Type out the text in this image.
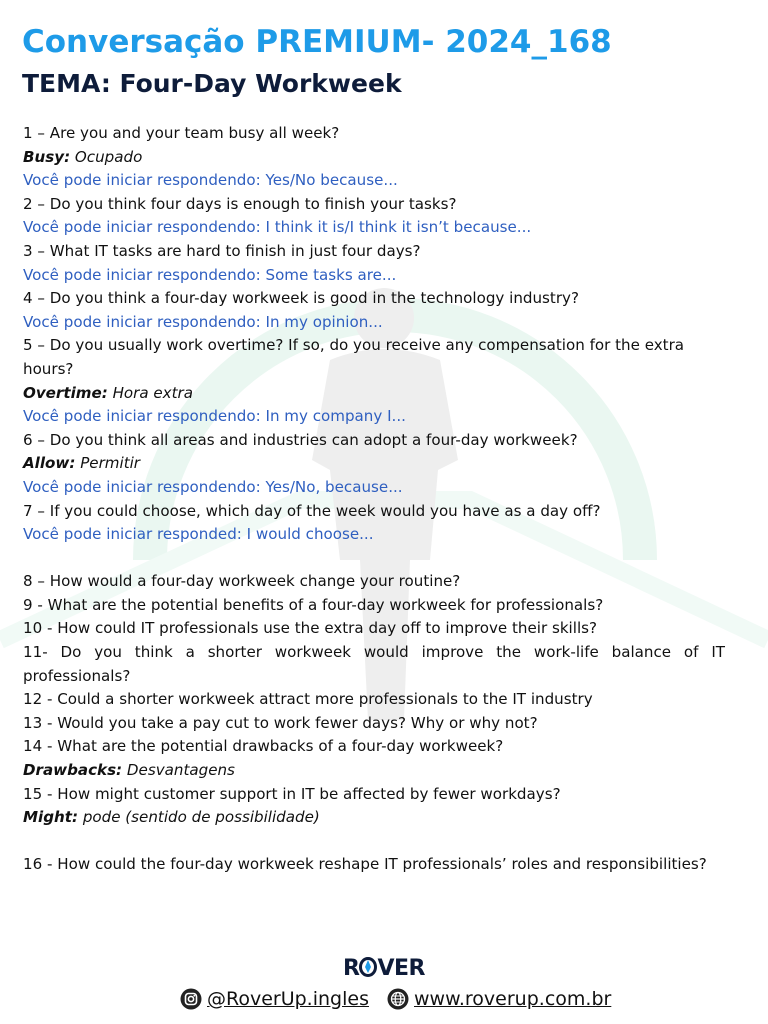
Conversação PREMIUM- 2024_168
TEMA: Four-Day Workweek

1 – Are you and your team busy all week?

Busy: Ocupado

Você pode iniciar respondendo: Yes/No because...

2 – Do you think four days is enough to finish your tasks?

Você pode iniciar respondendo: I think it is/I think it isn’t because...

3 – What IT tasks are hard to finish in just four days?

Você pode iniciar respondendo: Some tasks are...

4 – Do you think a four-day workweek is good in the technology industry?

Você pode iniciar respondendo: In my opinion...

5 – Do you usually work overtime? If so, do you receive any compensation for the extra hours?

Overtime: Hora extra

Você pode iniciar respondendo: In my company I...

6 – Do you think all areas and industries can adopt a four-day workweek?

Allow: Permitir

Você pode iniciar respondendo: Yes/No, because...

7 – If you could choose, which day of the week would you have as a day off?

Você pode iniciar responded: I would choose...

8 – How would a four-day workweek change your routine?

9 - What are the potential benefits of a four-day workweek for professionals?

10 - How could IT professionals use the extra day off to improve their skills?

11- Do you think a shorter workweek would improve the work-life balance of IT professionals?

12 - Could a shorter workweek attract more professionals to the IT industry

13 - Would you take a pay cut to work fewer days? Why or why not?

14 - What are the potential drawbacks of a four-day workweek?

Drawbacks: Desvantagens

15 - How might customer support in IT be affected by fewer workdays?

Might: pode (sentido de possibilidade)

16 - How could the four-day workweek reshape IT professionals’ roles and responsibilities?

R VER
@RoverUp.ingles www.roverup.com.br
